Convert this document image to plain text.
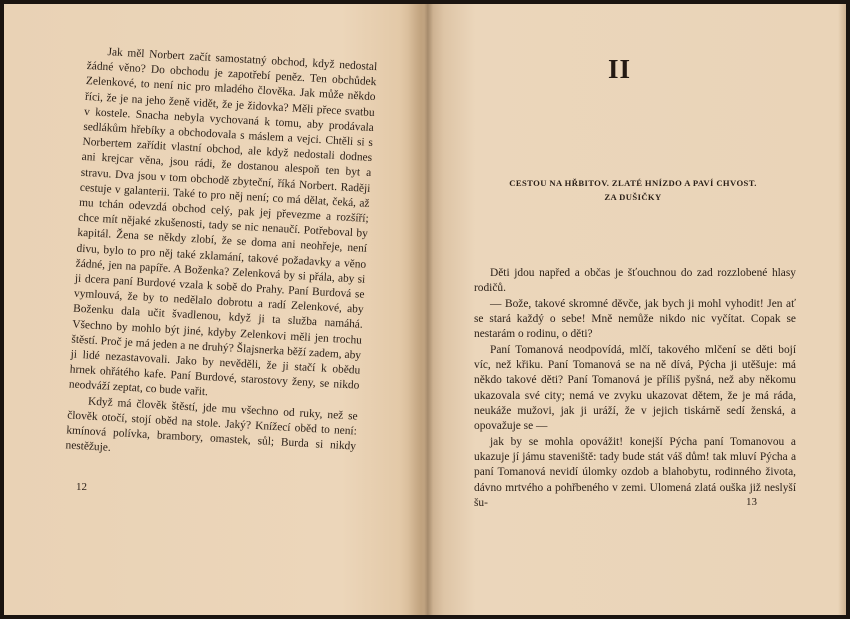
Jak měl Norbert začít samostatný obchod, když nedostal žádné věno? Do obchodu je zapotřebí peněz. Ten obchůdek Zelenkové, to není nic pro mladého člověka. Jak může někdo říci, že je na jeho ženě vidět, že je židovka? Měli přece svatbu v kostele. Snacha nebyla vychovaná k tomu, aby prodávala sedlákům hřebíky a obchodovala s máslem a vejci. Chtěli si s Norbertem zařídit vlastní obchod, ale když nedostali dodnes ani krejcar věna, jsou rádi, že dostanou alespoň ten byt a stravu. Dva jsou v tom obchodě zbyteční, říká Norbert. Raději cestuje v galanterii. Také to pro něj není; co má dělat, čeká, až mu tchán odevzdá obchod celý, pak jej převezme a rozšíří; chce mít nějaké zkušenosti, tady se nic nenaučí. Potřeboval by kapitál. Žena se někdy zlobí, že se doma ani neohřeje, není divu, bylo to pro něj také zklamání, takové požadavky a věno žádné, jen na papíře. A Boženka? Zelenková by si přála, aby si ji dcera paní Burdové vzala k sobě do Prahy. Paní Burdová se vymlouvá, že by to nedělalo dobrotu a radí Zelenkové, aby Boženku dala učit švadlenou, když ji ta služba namáhá. Všechno by mohlo být jiné, kdyby Zelenkovi měli jen trochu štěstí. Proč je má jeden a ne druhý? Šlajsnerka běží zadem, aby ji lidé nezastavovali. Jako by nevěděli, že ji stačí k obědu hrnek ohřátého kafe. Paní Burdové, starostovy ženy, se nikdo neodváží zeptat, co bude vařit.

Když má člověk štěstí, jde mu všechno od ruky, než se člověk otočí, stojí oběd na stole. Jaký? Knížecí oběd to není: kmínová polívka, brambory, omastek, sůl; Burda si nikdy nestěžuje.

12
II
CESTOU NA HŘBITOV. ZLATÉ HNÍZDO A PAVÍ CHVOST.
ZA DUŠIČKY

Děti jdou napřed a občas je šťouchnou do zad rozzlobené hlasy rodičů.

— Bože, takové skromné děvče, jak bych ji mohl vyhodit! Jen ať se stará každý o sebe! Mně nemůže nikdo nic vyčítat. Copak se nestarám o rodinu, o děti?

Paní Tomanová neodpovídá, mlčí, takového mlčení se děti bojí víc, než křiku. Paní Tomanová se na ně dívá, Pýcha ji utěšuje: má někdo takové děti? Paní Tomanová je příliš pyšná, než aby někomu ukazovala své city; nemá ve zvyku ukazovat dětem, že je má ráda, neukáže mužovi, jak ji uráží, že v jejich tiskárně sedí ženská, a opovažuje se —

jak by se mohla opovážit! konejší Pýcha paní Tomanovou a ukazuje jí jámu staveniště: tady bude stát váš dům! tak mluví Pýcha a paní Tomanová nevidí úlomky ozdob a blahobytu, rodinného života, dávno mrtvého a pohřbeného v zemi. Ulomená zlatá ouška již neslyší šu-	13
